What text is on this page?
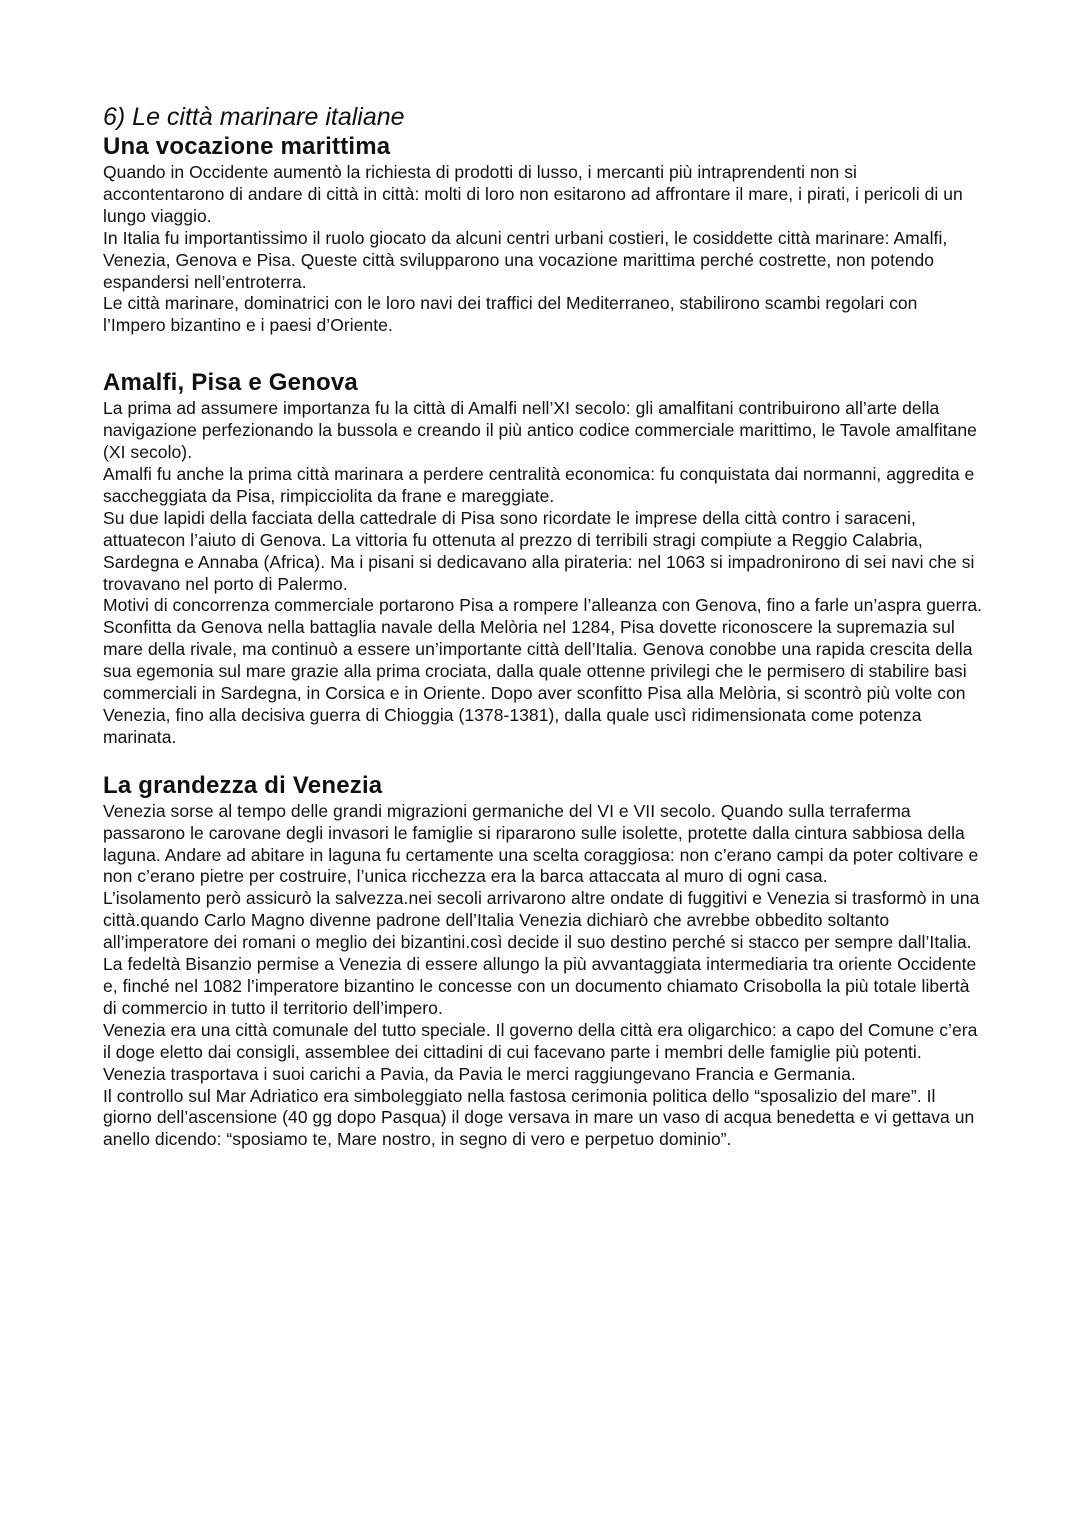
6) Le città marinare italiane
Una vocazione marittima

Quando in Occidente aumentò la richiesta di prodotti di lusso, i mercanti più intraprendenti non si accontentarono di andare di città in città: molti di loro non esitarono ad affrontare il mare, i pirati, i pericoli di un lungo viaggio.

In Italia fu importantissimo il ruolo giocato da alcuni centri urbani costieri, le cosiddette città marinare: Amalfi, Venezia, Genova e Pisa. Queste città svilupparono una vocazione marittima perché costrette, non potendo espandersi nell’entroterra.

Le città marinare, dominatrici con le loro navi dei traffici del Mediterraneo, stabilirono scambi regolari con l’Impero bizantino e i paesi d’Oriente.

Amalfi, Pisa e Genova

La prima ad assumere importanza fu la città di Amalfi nell’XI secolo: gli amalfitani contribuirono all’arte della navigazione perfezionando la bussola e creando il più antico codice commerciale marittimo, le Tavole amalfitane (XI secolo).

Amalfi fu anche la prima città marinara a perdere centralità economica: fu conquistata dai normanni, aggredita e saccheggiata da Pisa, rimpicciolita da frane e mareggiate.

Su due lapidi della facciata della cattedrale di Pisa sono ricordate le imprese della città contro i saraceni, attuatecon l’aiuto di Genova. La vittoria fu ottenuta al prezzo di terribili stragi compiute a Reggio Calabria, Sardegna e Annaba (Africa). Ma i pisani si dedicavano alla pirateria: nel 1063 si impadronirono di sei navi che si trovavano nel porto di Palermo.

Motivi di concorrenza commerciale portarono Pisa a rompere l’alleanza con Genova, fino a farle un’aspra guerra. Sconfitta da Genova nella battaglia navale della Melòria nel 1284, Pisa dovette riconoscere la supremazia sul mare della rivale, ma continuò a essere un’importante città dell’Italia. Genova conobbe una rapida crescita della sua egemonia sul mare grazie alla prima crociata, dalla quale ottenne privilegi che le permisero di stabilire basi commerciali in Sardegna, in Corsica e in Oriente. Dopo aver sconfitto Pisa alla Melòria, si scontrò più volte con Venezia, fino alla decisiva guerra di Chioggia (1378-1381), dalla quale uscì ridimensionata come potenza marinata.

La grandezza di Venezia

Venezia sorse al tempo delle grandi migrazioni germaniche del VI e VII secolo. Quando sulla terraferma passarono le carovane degli invasori le famiglie si ripararono sulle isolette, protette dalla cintura sabbiosa della laguna. Andare ad abitare in laguna fu certamente una scelta coraggiosa: non c’erano campi da poter coltivare e non c’erano pietre per costruire, l’unica ricchezza era la barca attaccata al muro di ogni casa.

L’isolamento però assicurò la salvezza.nei secoli arrivarono altre ondate di fuggitivi e Venezia si trasformò in una città.quando Carlo Magno divenne padrone dell’Italia Venezia dichiarò che avrebbe obbedito soltanto all’imperatore dei romani o meglio dei bizantini.così decide il suo destino perché si stacco per sempre dall’Italia. La fedeltà Bisanzio permise a Venezia di essere allungo la più avvantaggiata intermediaria tra oriente Occidente e, finché nel 1082 l’imperatore bizantino le concesse con un documento chiamato Crisobolla la più totale libertà di commercio in tutto il territorio dell’impero.

Venezia era una città comunale del tutto speciale. Il governo della città era oligarchico: a capo del Comune c’era il doge eletto dai consigli, assemblee dei cittadini di cui facevano parte i membri delle famiglie più potenti.

Venezia trasportava i suoi carichi a Pavia, da Pavia le merci raggiungevano Francia e Germania.

Il controllo sul Mar Adriatico era simboleggiato nella fastosa cerimonia politica dello “sposalizio del mare”. Il giorno dell’ascensione (40 gg dopo Pasqua) il doge versava in mare un vaso di acqua benedetta e vi gettava un anello dicendo: “sposiamo te, Mare nostro, in segno di vero e perpetuo dominio”.
